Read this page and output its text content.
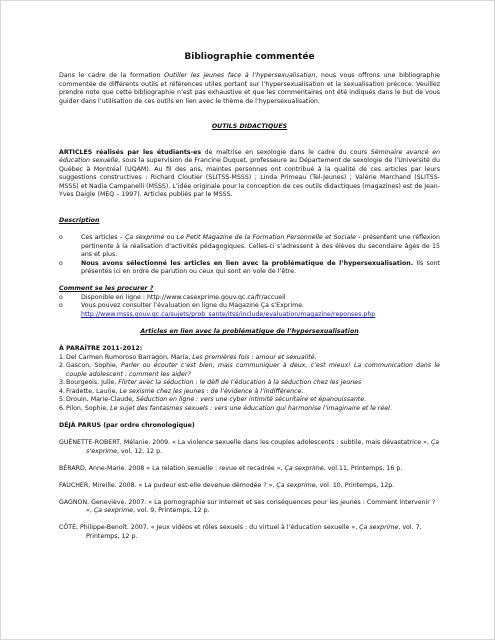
Bibliographie commentée

Dans le cadre de la formation Outiller les jeunes face à l’hypersexualisation, nous vous offrons une bibliographie commentée de différents outils et références utiles portant sur l’hypersexualisation et la sexualisation précoce. Veuillez prendre note que cette bibliographie n’est pas exhaustive et que les commentaires ont été indiqués dans le but de vous guider dans l’utilisation de ces outils en lien avec le thème de l’hypersexualisation.

OUTILS DIDACTIQUES

ARTICLES réalisés par les étudiants-es de maîtrise en sexologie dans le cadre du cours Séminaire avancé en éducation sexuelle, sous la supervision de Francine Duquet, professeure au Département de sexologie de l’Université du Québec à Montréal (UQAM). Au fil des ans, maintes personnes ont contribué à la qualité de ces articles par leurs suggestions constructives : Richard Cloutier (SLITSS-MSSS) ; Linda Primeau (Tel-Jeunes) ; Valérie Marchand (SLITSS-MSSS) et Nadia Campanelli (MSSS). L’idée originale pour la conception de ces outils didactiques (magazines) est de Jean-Yves Daigle (MEQ – 1997). Articles publiés par le MSSS.

Description

o	Ces articles – Ça sexprime ou Le Petit Magazine de la Formation Personnelle et Sociale - présentent une réflexion pertinente à la réalisation d’activités pédagogiques. Celles-ci s’adressent à des élèves du secondaire âgés de 15 ans et plus.
o	Nous avons sélectionné les articles en lien avec la problématique de l’hypersexualisation. Ils sont présentés ici en ordre de parution ou ceux qui sont en vole de l’être.

Comment se les procurer ?

o	Disponible en ligne : http://www.casexprime.gouv.qc.ca/fr/accueil
o	Vous pouvez consulter l’évaluation en ligne du Magazine Ça s’Exprime.
http://www.msss.gouv.qc.ca/sujets/prob_sante/itss/include/evaluation/magazine/reponses.php

Articles en lien avec la problématique de l’hypersexualisation

À PARAÎTRE 2011-2012:

1. Del Carmen Rumoroso Barragon, María, Les premières fois : amour et sexualité.
2. Gascon, Sophie, Parler ou écouter c’est bien, mais communiquer à deux, c’est mieux! La communication dans le couple adolescent : comment les aider?
3. Bourgeois, Julie, Flirter avec la séduction : le défi de l’éducation à la séduction chez les jeunes
4. Fradette, Laurie, Le sexisme chez les jeunes : de l’évidence à l’indifférence.
5. Drouin, Marie-Claude, Séduction en ligne : vers une cyber intimité sécuritaire et épanouissante.
6. Pilon, Sophie, Le sujet des fantasmes sexuels : vers une éducation qui harmonise l’imaginaire et le réel.

DÉJÀ PARUS (par ordre chronologique)

GUÉNETTE-ROBERT, Mélanie. 2009. « La violence sexuelle dans les couples adolescents : subtile, mais dévastatrice », Ça s’exprime, vol. 12, 12 p.

BÉRARD, Anne-Marie. 2008 « La relation sexuelle : revue et recadrée », Ça sexprime, vol.11, Printemps, 16 p.

FAUCHER, Mireille. 2008. « La pudeur est-elle devenue démodée ? », Ça sexprime, vol. 10, Printemps, 12p.

GAGNON, Geneviève. 2007. « La pornographie sur Internet et ses conséquences pour les jeunes : Comment intervenir ? », Ça sexprime, vol. 9, Printemps, 12 p.

CÔTÉ, Philippe-Benoît. 2007. « Jeux vidéos et rôles sexuels : du virtuel à l’éducation sexuelle », Ça sexprime, vol. 7, Printemps, 12 p.
